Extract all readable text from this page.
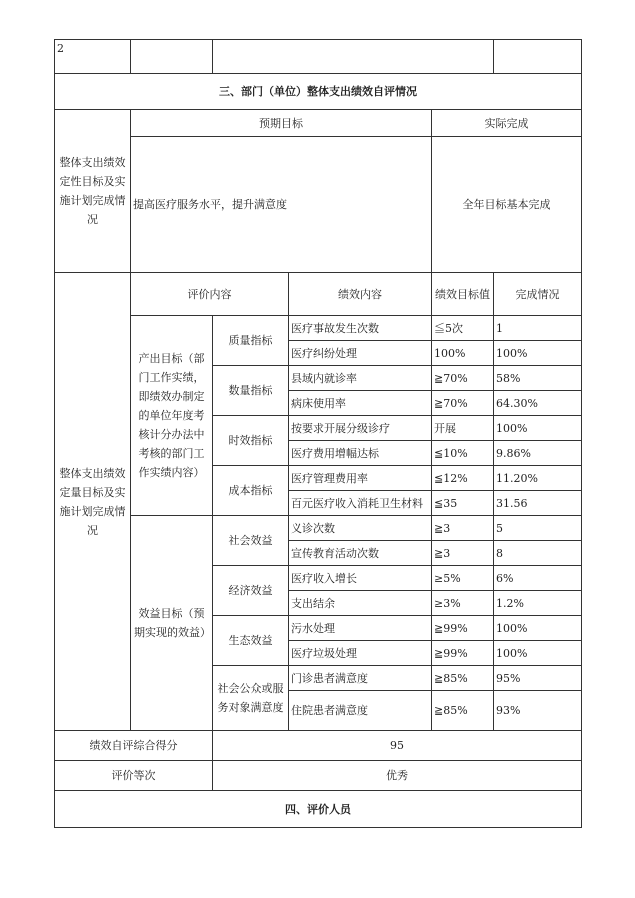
2					
三、部门（单位）整体支出绩效自评情况					

整体支出绩效定性目标及实施计划完成情况	预期目标			实际完成	
	提高医疗服务水平，提升满意度			全年目标基本完成	

整体支出绩效定量目标及实施计划完成情况	评价内容		绩效内容	绩效目标值	完成情况

	产出目标（部门工作实绩，即绩效办制定的单位年度考核计分办法中考核的部门工作实绩内容）	质量指标	医疗事故发生次数	≦5次	1
			医疗纠纷处理	100%	100%
		数量指标	县域内就诊率	≧70%	58%
			病床使用率	≧70%	64.30%
		时效指标	按要求开展分级诊疗	开展	100%
			医疗费用增幅达标	≦10%	9.86%
		成本指标	医疗管理费用率	≦12%	11.20%
			百元医疗收入消耗卫生材料	≦35	31.56

	效益目标（预期实现的效益）	社会效益	义诊次数	≧3	5
			宣传教育活动次数	≧3	8
		经济效益	医疗收入增长	≥5%	6%
			支出结余	≥3%	1.2%
		生态效益	污水处理	≧99%	100%
			医疗垃圾处理	≧99%	100%

		社会公众或服务对象满意度	门诊患者满意度	≧85%	95%
			住院患者满意度	≧85%	93%
绩效自评综合得分		95			
评价等次		优秀			
四、评价人员					
